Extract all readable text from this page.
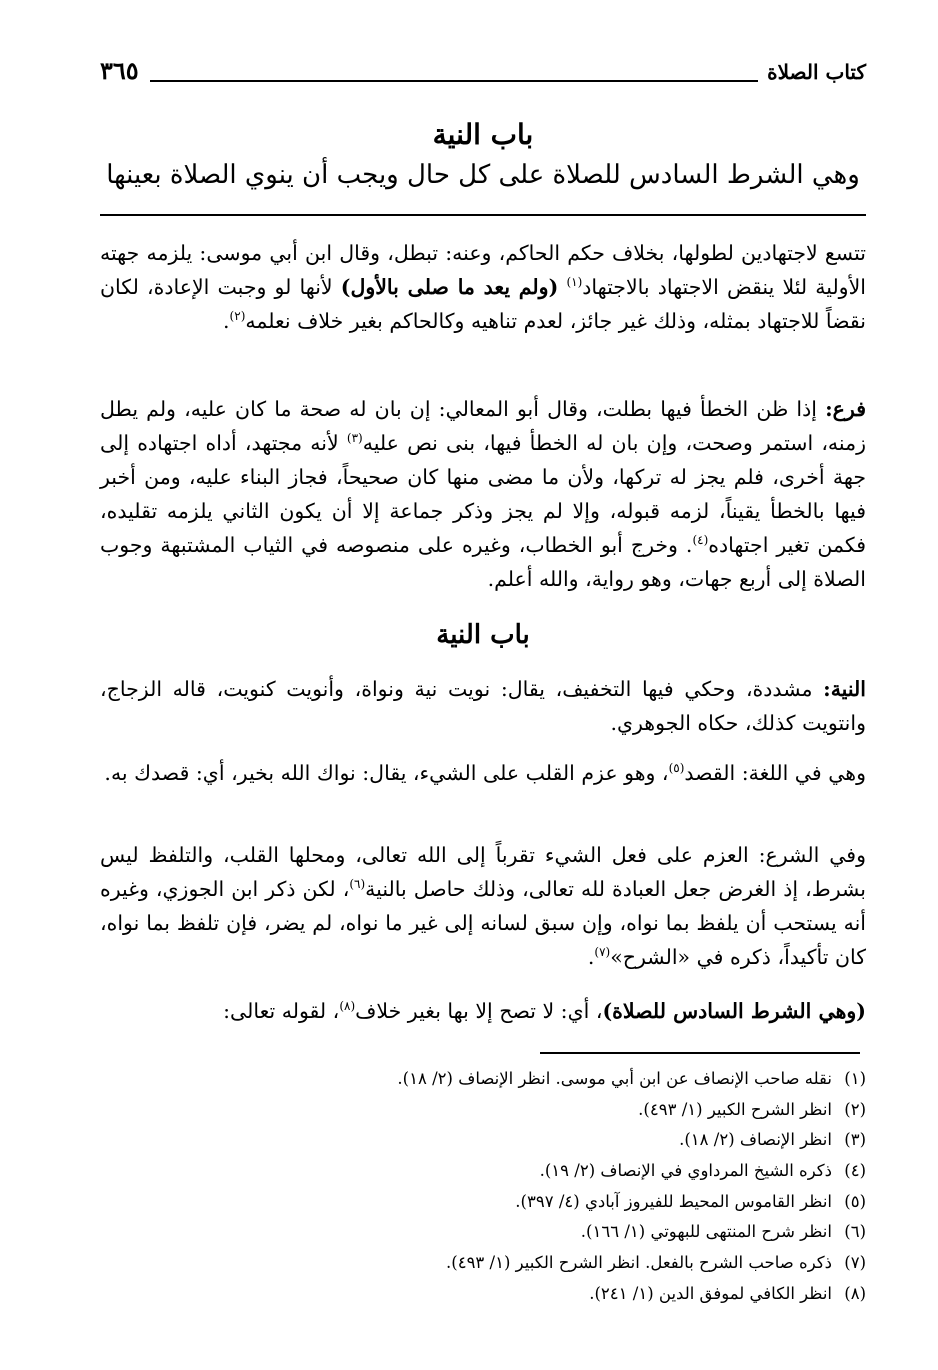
٣٦٥	كتاب الصلاة
باب النية
وهي الشرط السادس للصلاة على كل حال ويجب أن ينوي الصلاة بعينها
تتسع لاجتهادين لطولها، بخلاف حكم الحاكم، وعنه: تبطل، وقال ابن أبي موسى: يلزمه جهته الأولية لئلا ينقض الاجتهاد بالاجتهاد$^{(١)}$ (ولم يعد ما صلى بالأول) لأنها لو وجبت الإعادة، لكان نقضاً للاجتهاد بمثله، وذلك غير جائز، لعدم تناهيه وكالحاكم بغير خلاف نعلمه$^{(٢)}$.
فرع: إذا ظن الخطأ فيها بطلت، وقال أبو المعالي: إن بان له صحة ما كان عليه، ولم يطل زمنه، استمر وصحت، وإن بان له الخطأ فيها، بنى نص عليه$^{(٣)}$ لأنه مجتهد، أداه اجتهاده إلى جهة أخرى، فلم يجز له تركها، ولأن ما مضى منها كان صحيحاً، فجاز البناء عليه، ومن أخبر فيها بالخطأ يقيناً، لزمه قبوله، وإلا لم يجز وذكر جماعة إلا أن يكون الثاني يلزمه تقليده، فكمن تغير اجتهاده$^{(٤)}$. وخرج أبو الخطاب، وغيره على منصوصه في الثياب المشتبهة وجوب الصلاة إلى أربع جهات، وهو رواية، والله أعلم.
باب النية
النية: مشددة، وحكي فيها التخفيف، يقال: نويت نية ونواة، وأنويت كنويت، قاله الزجاج، وانتويت كذلك، حكاه الجوهري.
وهي في اللغة: القصد$^{(٥)}$، وهو عزم القلب على الشيء، يقال: نواك الله بخير، أي: قصدك به.
وفي الشرع: العزم على فعل الشيء تقرباً إلى الله تعالى، ومحلها القلب، والتلفظ ليس بشرط، إذ الغرض جعل العبادة لله تعالى، وذلك حاصل بالنية$^{(٦)}$، لكن ذكر ابن الجوزي، وغيره أنه يستحب أن يلفظ بما نواه، وإن سبق لسانه إلى غير ما نواه، لم يضر، فإن تلفظ بما نواه، كان تأكيداً، ذكره في «الشرح»$^{(٧)}$.
(وهي الشرط السادس للصلاة)، أي: لا تصح إلا بها بغير خلاف$^{(٨)}$، لقوله تعالى:
(١)نقله صاحب الإنصاف عن ابن أبي موسى. انظر الإنصاف (٢/ ١٨).
(٢)انظر الشرح الكبير (١/ ٤٩٣).
(٣)انظر الإنصاف (٢/ ١٨).
(٤)ذكره الشيخ المرداوي في الإنصاف (٢/ ١٩).
(٥)انظر القاموس المحيط للفيروز آبادي (٤/ ٣٩٧).
(٦)انظر شرح المنتهى للبهوتي (١/ ١٦٦).
(٧)ذكره صاحب الشرح بالفعل. انظر الشرح الكبير (١/ ٤٩٣).
(٨)انظر الكافي لموفق الدين (١/ ٢٤١).
